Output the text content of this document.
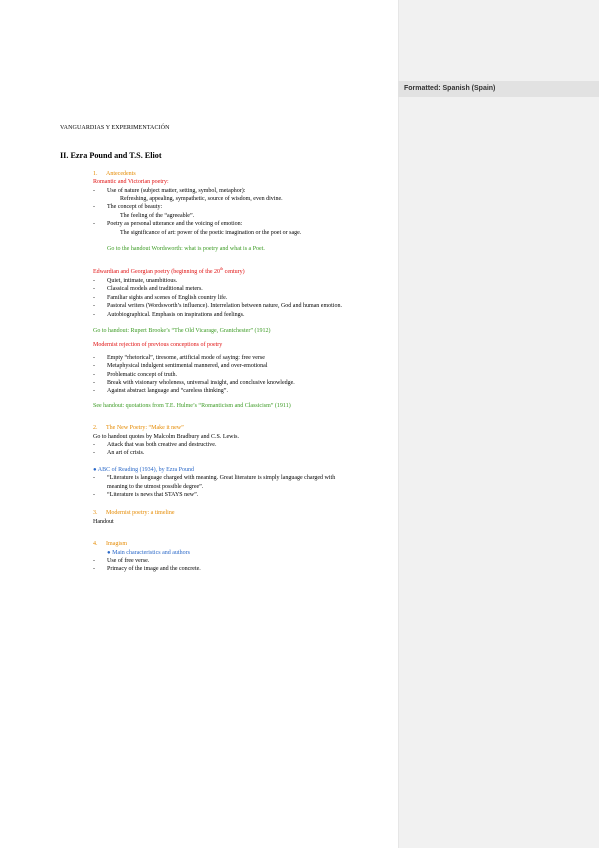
Formatted: Spanish (Spain)
VANGUARDIAS Y EXPERIMENTACIÓN
II. Ezra Pound and T.S. Eliot
1. Antecedents
Romantic and Victorian poetry:
- Use of nature (subject matter, setting, symbol, metaphor):
Refreshing, appealing, sympathetic, source of wisdom, even divine.
- The concept of beauty:
The feeling of the “agreeable”.
- Poetry as personal utterance and the voicing of emotion:
The significance of art: power of the poetic imagination or the poet or sage.
Go to the handout Wordsworth: what is poetry and what is a Poet.
Edwardian and Georgian poetry (beginning of the 20th century)
- Quiet, intimate, unambitious.
- Classical models and traditional meters.
- Familiar sights and scenes of English country life.
- Pastoral writers (Wordsworth’s influence). Interrelation between nature, God and human emotion.
- Autobiographical. Emphasis on inspirations and feelings.
Go to handout: Rupert Brooke’s “The Old Vicarage, Grantchester” (1912)
Modernist rejection of previous conceptions of poetry
- Empty “rhetorical”, tiresome, artificial mode of saying: free verse
- Metaphysical indulgent sentimental mannered, and over-emotional
- Problematic concept of truth.
- Break with visionary wholeness, universal insight, and conclusive knowledge.
- Against abstract language and “careless thinking”.
See handout: quotations from T.E. Hulme’s “Romanticism and Classicism” (1911)
2. The New Poetry: “Make it new”
Go to handout quotes by Malcolm Bradbury and C.S. Lewis.
- Attack that was both creative and destructive.
- An art of crisis.
● ABC of Reading (1934), by Ezra Pound
- “Literature is language charged with meaning. Great literature is simply language charged with meaning to the utmost possible degree”.
- “Literature is news that STAYS new”.
3. Modernist poetry: a timeline
Handout
4. Imagism
● Main characteristics and authors
- Use of free verse.
- Primacy of the image and the concrete.
